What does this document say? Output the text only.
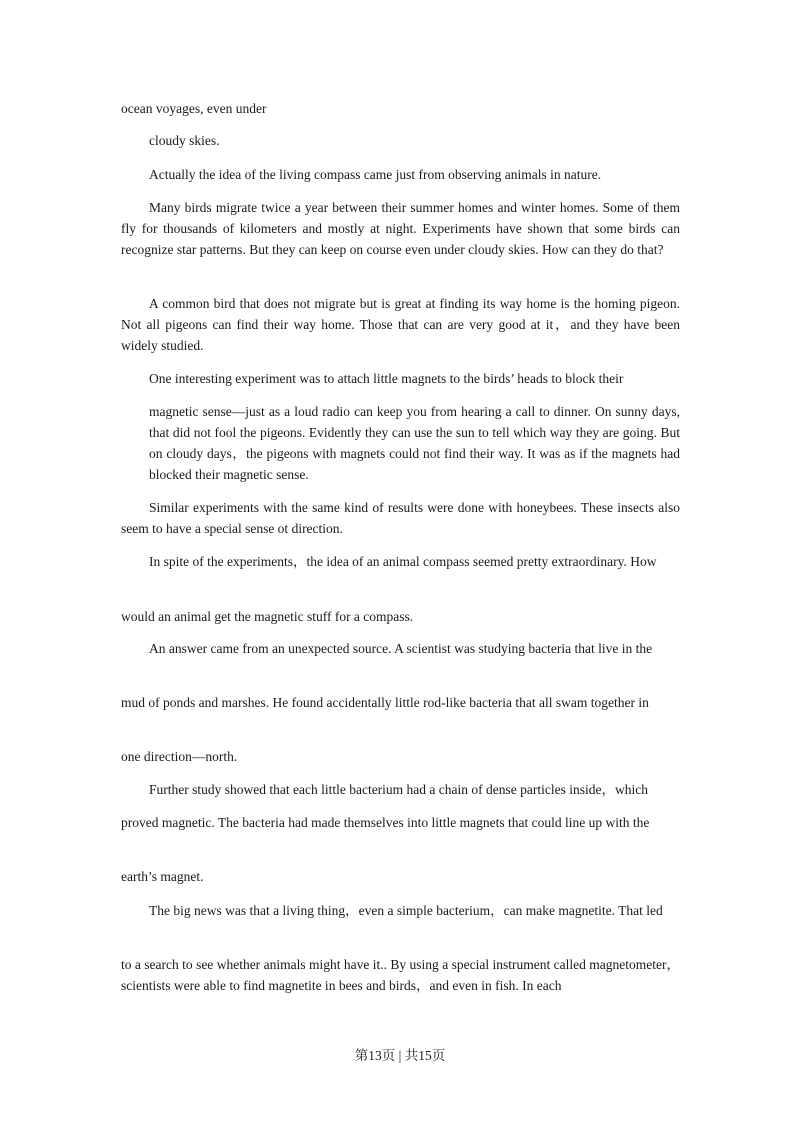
ocean voyages, even under
cloudy skies.
Actually the idea of the living compass came just from observing animals in nature.
Many birds migrate twice a year between their summer homes and winter homes. Some of them fly for thousands of kilometers and mostly at night. Experiments have shown that some birds can recognize star patterns. But they can keep on course even under cloudy skies. How can they do that?
A common bird that does not migrate but is great at finding its way home is the homing pigeon. Not all pigeons can find their way home. Those that can are very good at it，and they have been widely studied.
One interesting experiment was to attach little magnets to the birds’ heads to block their
magnetic sense—just as a loud radio can keep you from hearing a call to dinner. On sunny days, that did not fool the pigeons. Evidently they can use the sun to tell which way they are going. But on cloudy days，the pigeons with magnets could not find their way. It was as if the magnets had blocked their magnetic sense.
Similar experiments with the same kind of results were done with honeybees. These insects also seem to have a special sense ot direction.
In spite of the experiments，the idea of an animal compass seemed pretty extraordinary. How
would an animal get the magnetic stuff for a compass.
An answer came from an unexpected source. A scientist was studying bacteria that live in the
mud of ponds and marshes. He found accidentally little rod-like bacteria that all swam together in
one direction—north.
Further study showed that each little bacterium had a chain of dense particles inside，which
proved magnetic. The bacteria had made themselves into little magnets that could line up with the
earth’s magnet.
The big news was that a living thing，even a simple bacterium，can make magnetite. That led
to a search to see whether animals might have it.. By using a special instrument called magnetometer，scientists were able to find magnetite in bees and birds，and even in fish. In each
第13页 | 共15页
